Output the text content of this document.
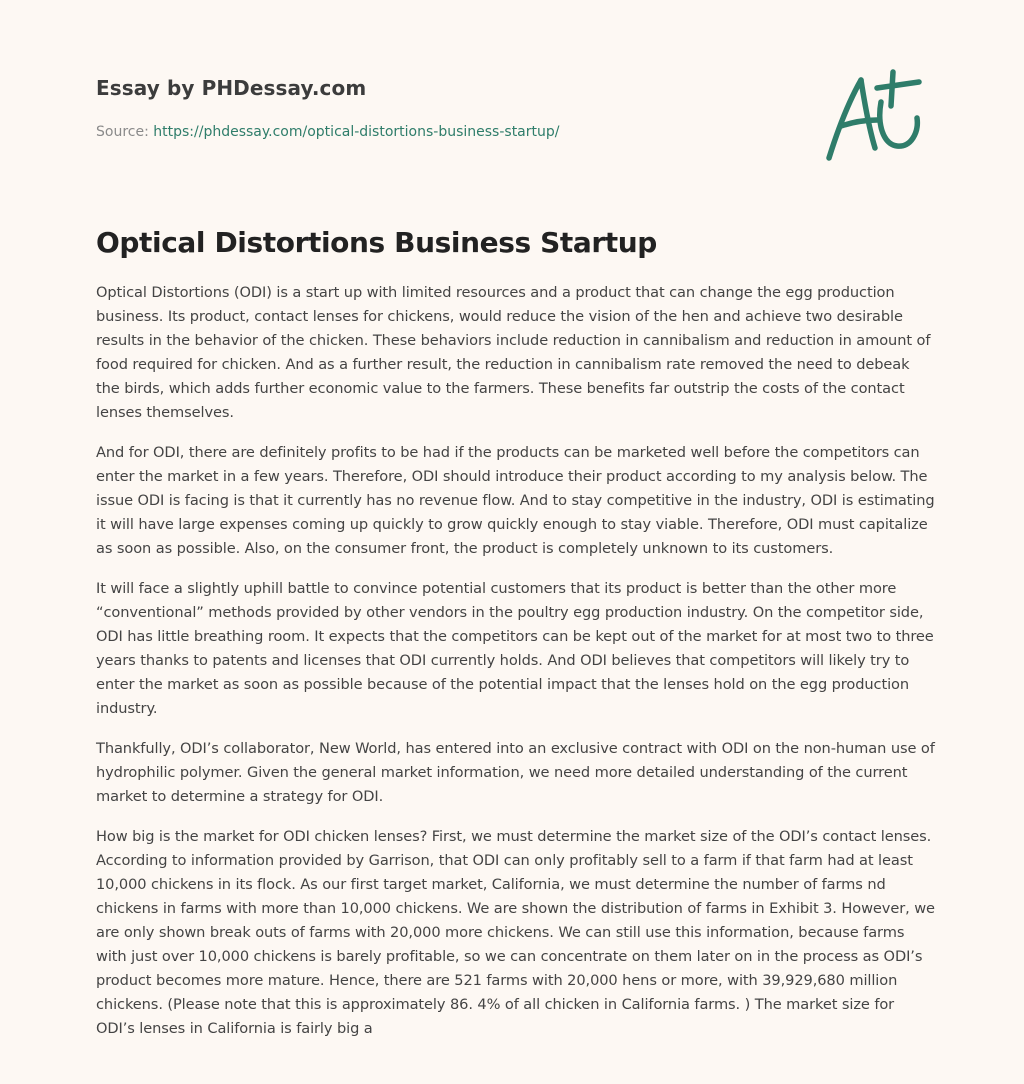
Essay by PHDessay.com
Source: https://phdessay.com/optical-distortions-business-startup/
Optical Distortions Business Startup

Optical Distortions (ODI) is a start up with limited resources and a product that can change the egg production business. Its product, contact lenses for chickens, would reduce the vision of the hen and achieve two desirable results in the behavior of the chicken. These behaviors include reduction in cannibalism and reduction in amount of food required for chicken. And as a further result, the reduction in cannibalism rate removed the need to debeak the birds, which adds further economic value to the farmers. These benefits far outstrip the costs of the contact lenses themselves.

And for ODI, there are definitely profits to be had if the products can be marketed well before the competitors can enter the market in a few years. Therefore, ODI should introduce their product according to my analysis below. The issue ODI is facing is that it currently has no revenue flow. And to stay competitive in the industry, ODI is estimating it will have large expenses coming up quickly to grow quickly enough to stay viable. Therefore, ODI must capitalize as soon as possible. Also, on the consumer front, the product is completely unknown to its customers.

It will face a slightly uphill battle to convince potential customers that its product is better than the other more “conventional” methods provided by other vendors in the poultry egg production industry. On the competitor side, ODI has little breathing room. It expects that the competitors can be kept out of the market for at most two to three years thanks to patents and licenses that ODI currently holds. And ODI believes that competitors will likely try to enter the market as soon as possible because of the potential impact that the lenses hold on the egg production industry.

Thankfully, ODI’s collaborator, New World, has entered into an exclusive contract with ODI on the non-human use of hydrophilic polymer. Given the general market information, we need more detailed understanding of the current market to determine a strategy for ODI.

How big is the market for ODI chicken lenses? First, we must determine the market size of the ODI’s contact lenses. According to information provided by Garrison, that ODI can only profitably sell to a farm if that farm had at least 10,000 chickens in its flock. As our first target market, California, we must determine the number of farms nd chickens in farms with more than 10,000 chickens. We are shown the distribution of farms in Exhibit 3. However, we are only shown break outs of farms with 20,000 more chickens. We can still use this information, because farms with just over 10,000 chickens is barely profitable, so we can concentrate on them later on in the process as ODI’s product becomes more mature. Hence, there are 521 farms with 20,000 hens or more, with 39,929,680 million chickens. (Please note that this is approximately 86. 4% of all chicken in California farms. ) The market size for ODI’s lenses in California is fairly big a
